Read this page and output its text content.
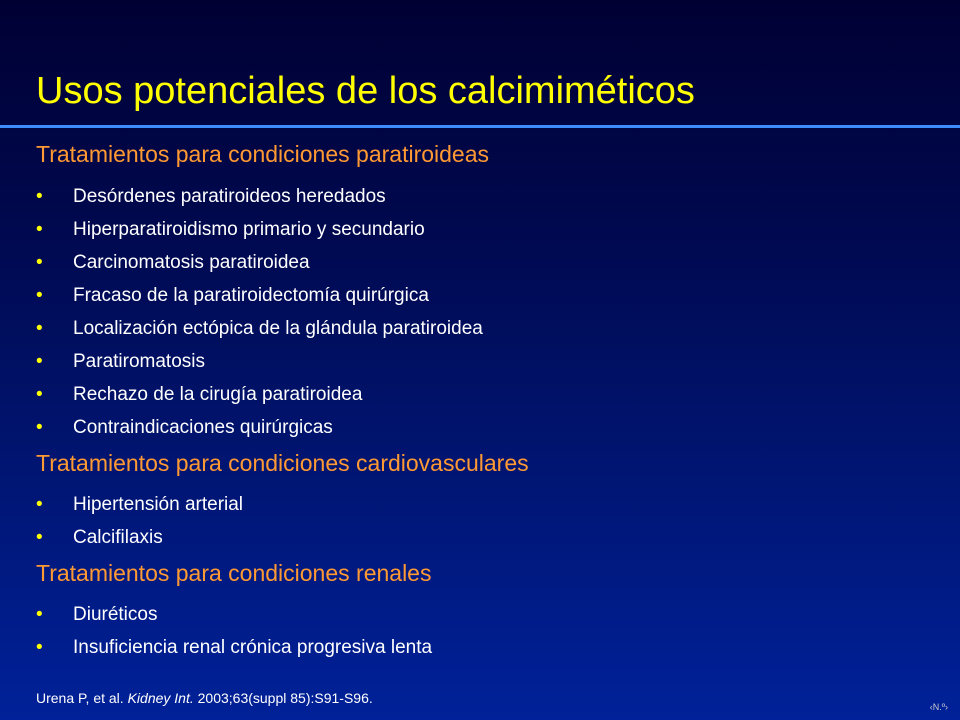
Usos potenciales de los calcimiméticos
Tratamientos para condiciones paratiroideas
• Desórdenes paratiroideos heredados
• Hiperparatiroidismo primario y secundario
• Carcinomatosis paratiroidea
• Fracaso de la paratiroidectomía quirúrgica
• Localización ectópica de la glándula paratiroidea
• Paratiromatosis
• Rechazo de la cirugía paratiroidea
• Contraindicaciones quirúrgicas
Tratamientos para condiciones cardiovasculares
• Hipertensión arterial
• Calcifilaxis
Tratamientos para condiciones renales
• Diuréticos
• Insuficiencia renal crónica progresiva lenta
Urena P, et al. Kidney Int. 2003;63(suppl 85):S91-S96.
‹N.º›
